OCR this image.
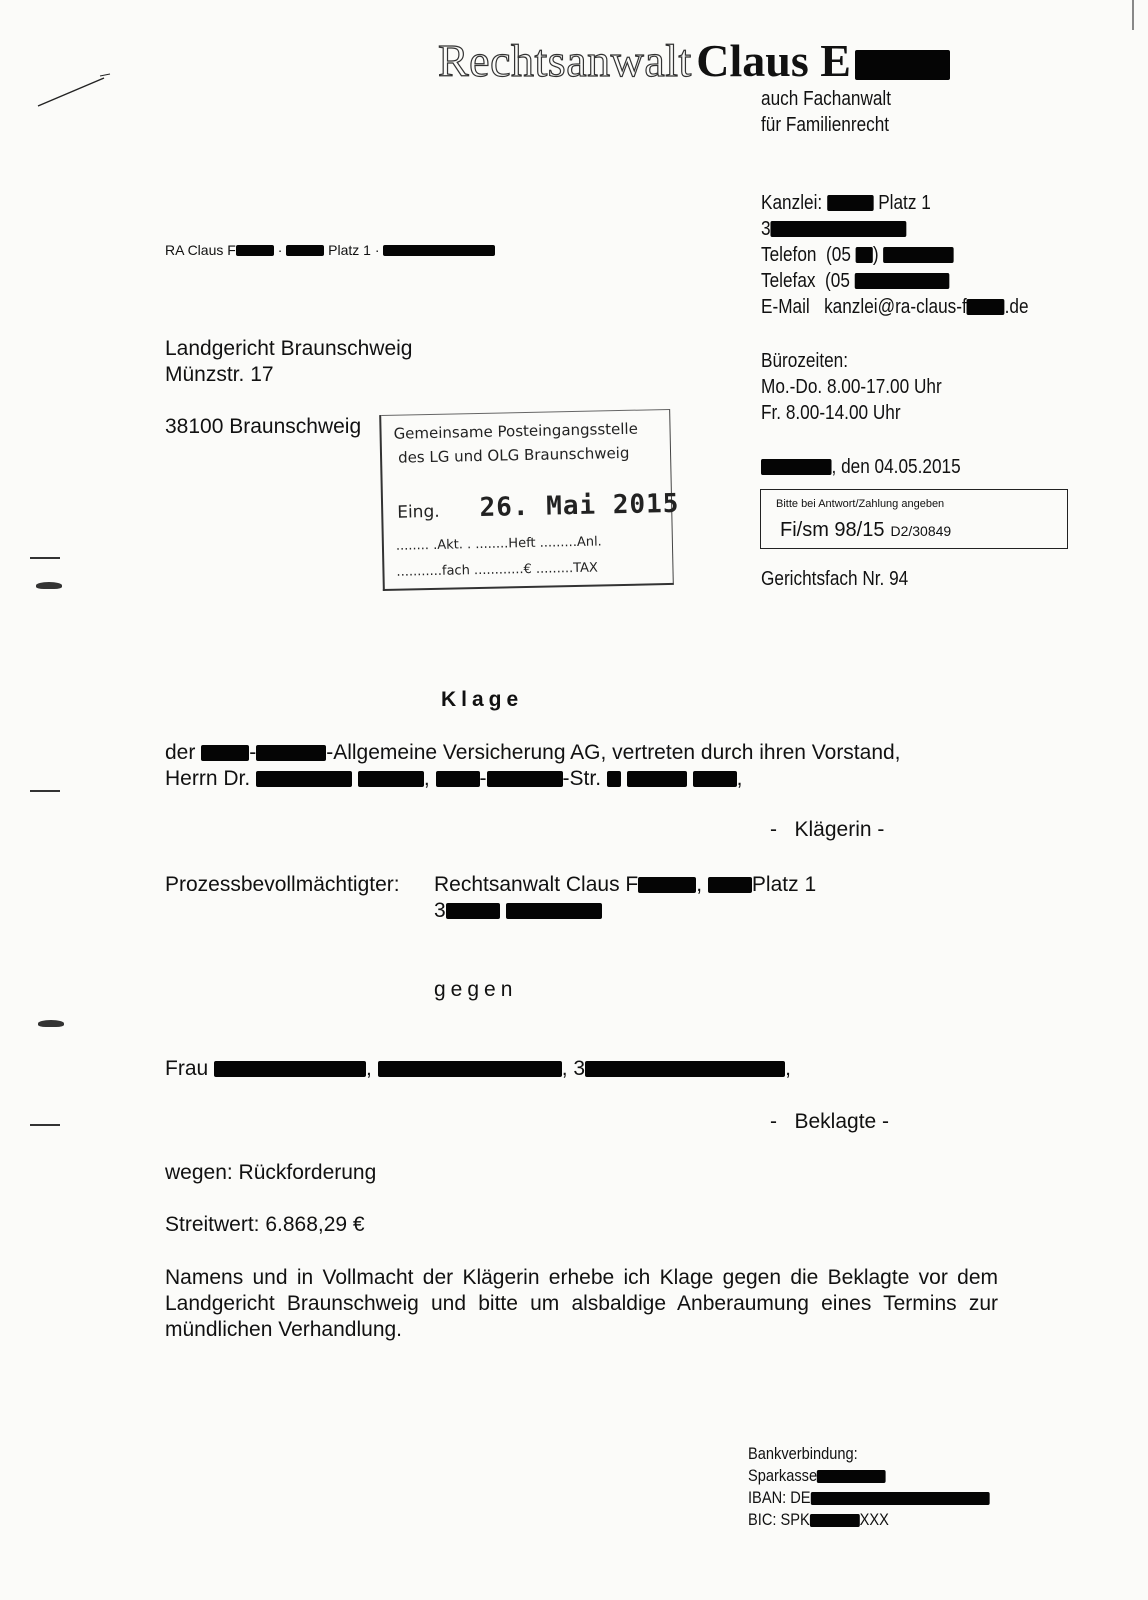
Rechtsanwalt Claus E
auch Fachanwalt
für Familienrecht
Kanzlei:	Platz 1
3
Telefon  (05 )
Telefax  (05
E-Mail kanzlei@ra-claus-f .de
Bürozeiten:
Mo.-Do. 8.00-17.00 Uhr
Fr. 8.00-14.00 Uhr
, den 04.05.2015
Bitte bei Antwort/Zahlung angeben
Fi/sm 98/15 D2/30849
Gerichtsfach Nr. 94
RA Claus F	·	Platz 1 ·
Landgericht Braunschweig
Münzstr. 17
38100 Braunschweig Gemeinsame Posteingangsstelle
des LG und OLG Braunschweig
Eing. 26. Mai 2015
........ .Akt. . ........Heft .........Anl.
...........fach ............€ .........TAX
Klage
der	-	-Allgemeine Versicherung AG, vertreten durch ihren Vorstand,
Herrn Dr.	, -	-Str.	,
-   Klägerin -
Prozessbevollmächtigter: Rechtsanwalt Claus F	, Platz 1
3
gegen
Frau	,	, 3	,
-   Beklagte -
wegen: Rückforderung
Streitwert: 6.868,29 €
Namens und in Vollmacht der Klägerin erhebe ich Klage gegen die Beklagte vor dem Landgericht Braunschweig und bitte um alsbaldige Anberaumung eines Termins zur mündlichen Verhandlung.
Bankverbindung:
Sparkasse
IBAN: DE
BIC: SPK	XXX
